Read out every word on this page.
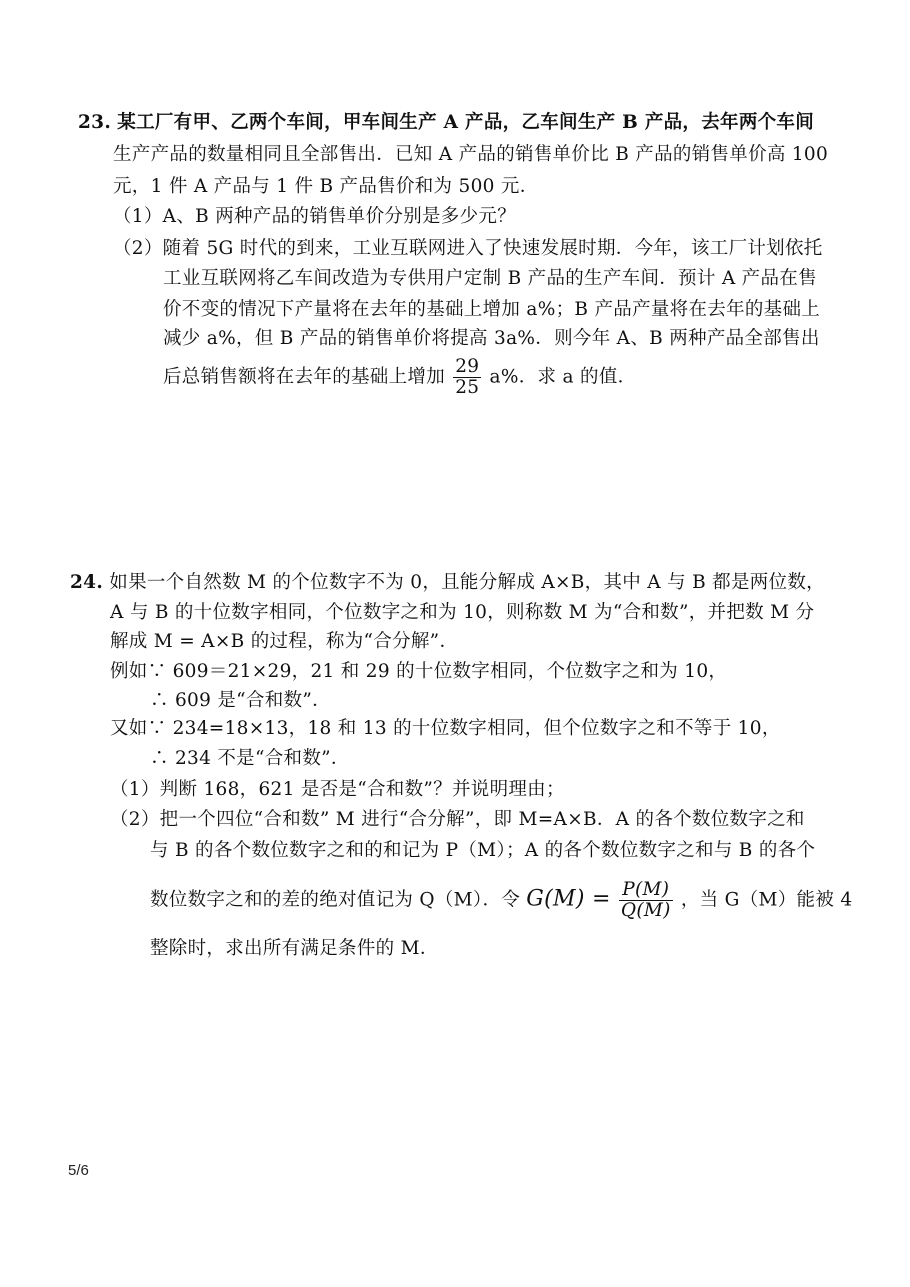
23. 某工厂有甲、乙两个车间，甲车间生产 A 产品，乙车间生产 B 产品，去年两个车间
生产产品的数量相同且全部售出．已知 A 产品的销售单价比 B 产品的销售单价高 100
元，1 件 A 产品与 1 件 B 产品售价和为 500 元．
（1）A、B 两种产品的销售单价分别是多少元？
（2）随着 5G 时代的到来，工业互联网进入了快速发展时期．今年，该工厂计划依托
工业互联网将乙车间改造为专供用户定制 B 产品的生产车间．预计 A 产品在售
价不变的情况下产量将在去年的基础上增加 a%；B 产品产量将在去年的基础上
减少 a%，但 B 产品的销售单价将提高 3a%．则今年 A、B 两种产品全部售出
后总销售额将在去年的基础上增加 $\frac{29}{25} a\%$．求 a 的值．
24. 如果一个自然数 M 的个位数字不为 0，且能分解成 A×B，其中 A 与 B 都是两位数，
A 与 B 的十位数字相同，个位数字之和为 10，则称数 M 为“合和数”，并把数 M 分
解成 M = A×B 的过程，称为“合分解”．
例如∵ 609＝21×29，21 和 29 的十位数字相同，个位数字之和为 10，
∴ 609 是“合和数”．
又如∵ 234=18×13，18 和 13 的十位数字相同，但个位数字之和不等于 10，
∴ 234 不是“合和数”．
（1）判断 168，621 是否是“合和数”？并说明理由；
（2）把一个四位“合和数” M 进行“合分解”，即 M=A×B．A 的各个数位数字之和
与 B 的各个数位数字之和的和记为 P（M）；A 的各个数位数字之和与 B 的各个
数位数字之和的差的绝对值记为 Q（M）．令 $G(M) = \frac{P(M)}{Q(M)}$ ，当 G（M）能被 4
整除时，求出所有满足条件的 M．
5/6
